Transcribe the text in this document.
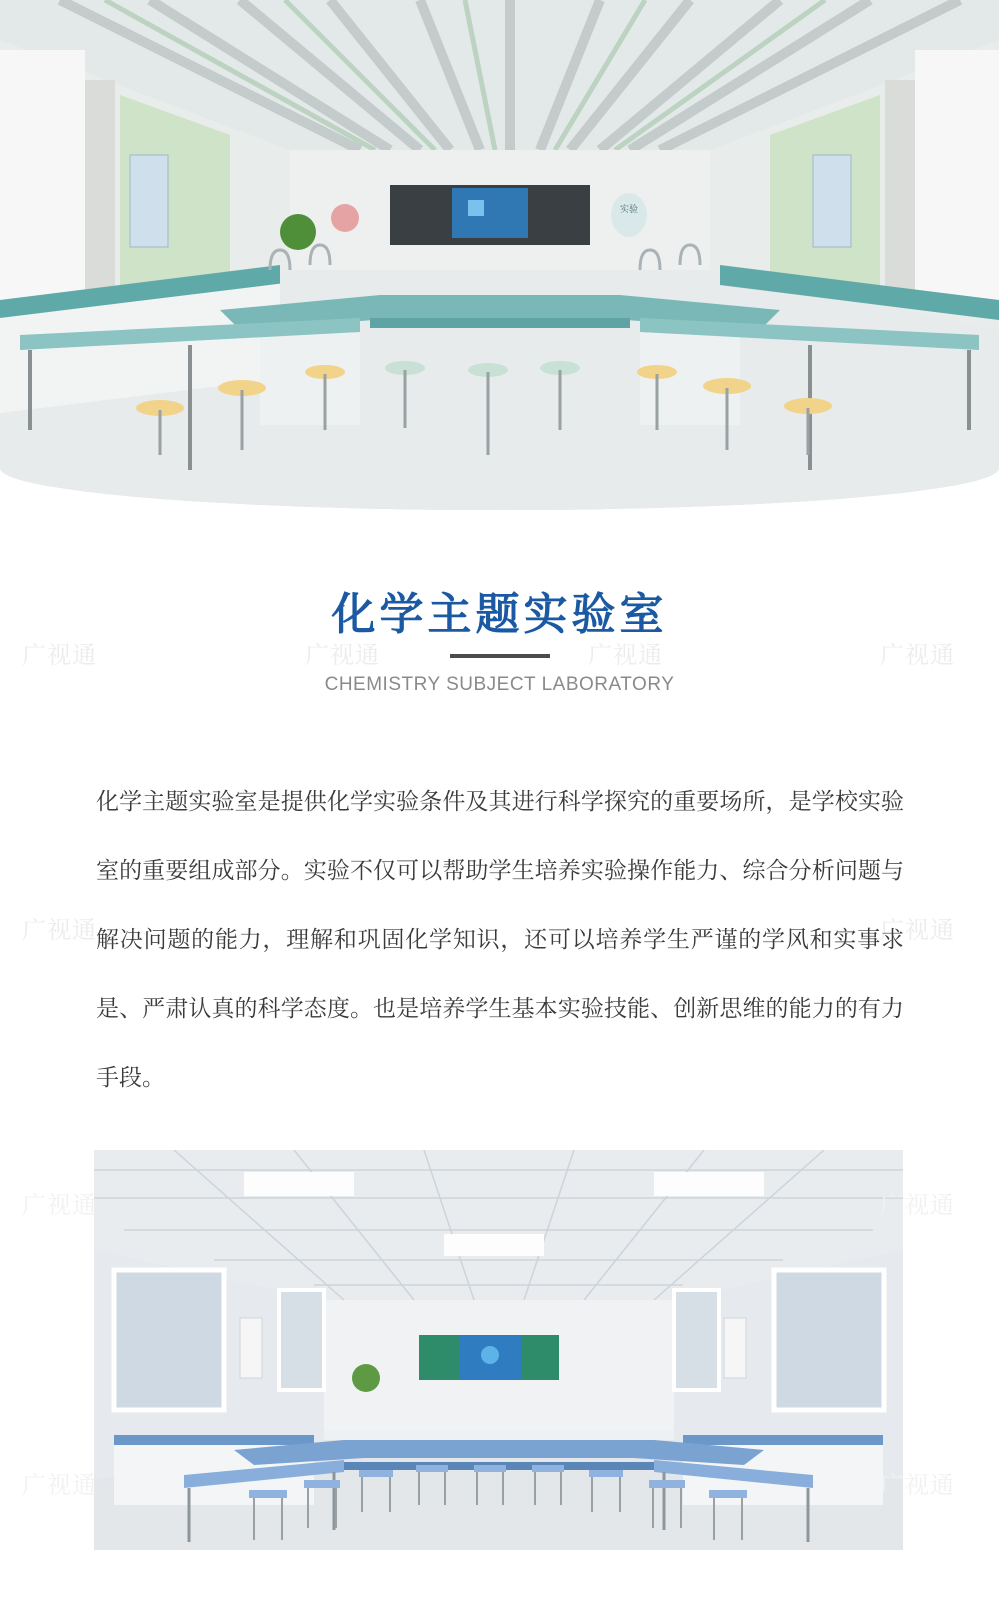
实验
化学主题实验室
CHEMISTRY SUBJECT LABORATORY
广视通	广视通	广视通	广视通
广视通	广视通
化学主题实验室是提供化学实验条件及其进行科学探究的重要场所，是学校实验室的重要组成部分。实验不仅可以帮助学生培养实验操作能力、综合分析问题与解决问题的能力，理解和巩固化学知识，还可以培养学生严谨的学风和实事求是、严肃认真的科学态度。也是培养学生基本实验技能、创新思维的能力的有力手段。
广视通	广视通
广视通	广视通
